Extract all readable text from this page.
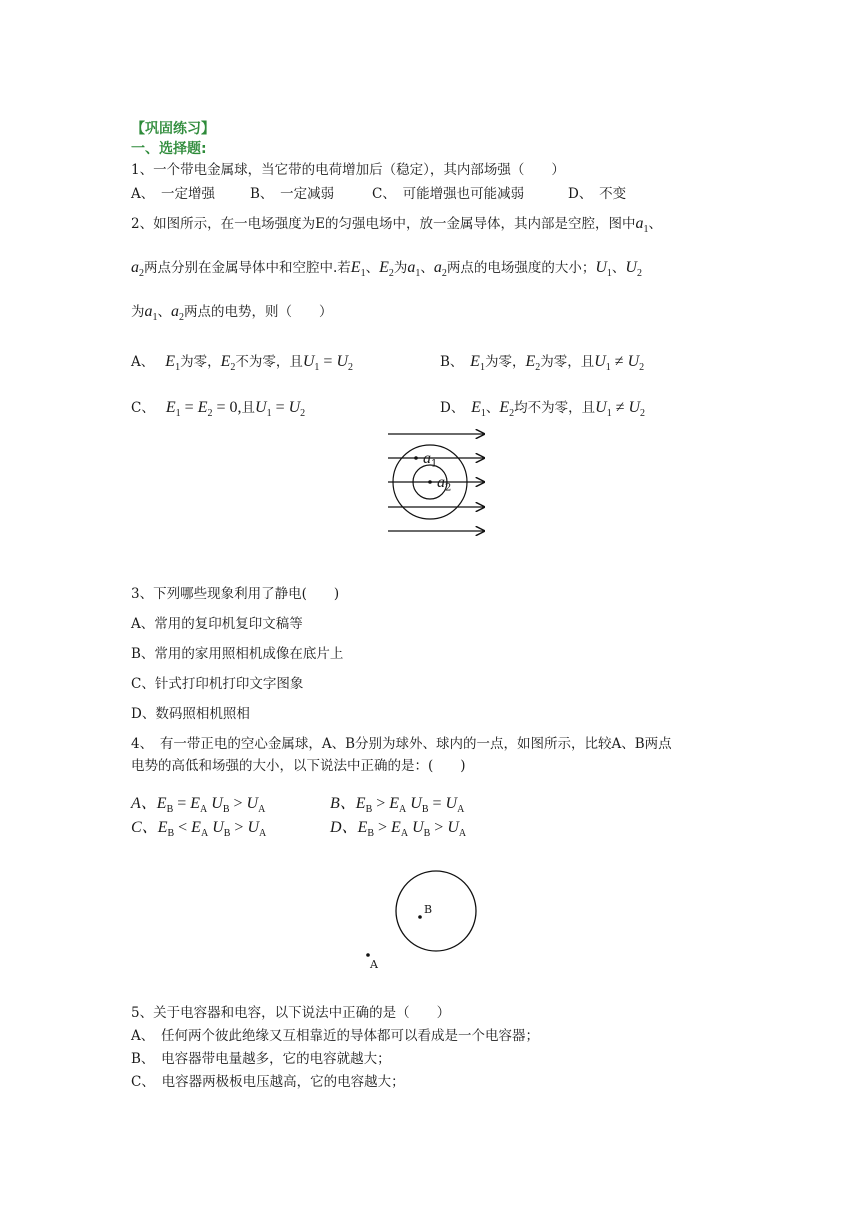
【巩固练习】
一、选择题:
1、一个带电金属球，当它带的电荷增加后（稳定），其内部场强（　　）
A、　一定增强	B、　一定减弱	C、　可能增强也可能减弱	D、　不变
2、如图所示，在一电场强度为E的匀强电场中，放一金属导体，其内部是空腔，图中$a_1$、
$a_2$两点分别在金属导体中和空腔中.若$E_1$、$E_2$为$a_1$、$a_2$两点的电场强度的大小；$U_1$、$U_2$
为$a_1$、$a_2$两点的电势，则（　　）
A、　 $E_1$为零，$E_2$不为零，且$U_1 = U_2$	B、　 $E_1$为零，$E_2$为零，且$U_1 \ne U_2$
C、　 $E_1 = E_2 = 0$,且$U_1 = U_2$	D、　 $E_1$、$E_2$均不为零，且$U_1 \ne U_2$
$a_1$
$a_2$
3、下列哪些现象利用了静电(　　)
A、常用的复印机复印文稿等
B、常用的家用照相机成像在底片上
C、针式打印机打印文字图象
D、数码照相机照相
4、　有一带正电的空心金属球，A、B分别为球外、球内的一点，如图所示，比较A、B两点
电势的高低和场强的大小，以下说法中正确的是：(　　)
A、$E_B = E_A$ $U_B > U_A$	B、$E_B > E_A$ $U_B = U_A$
C、$E_B < E_A$ $U_B > U_A$	D、$E_B > E_A$ $U_B > U_A$
B
A
5、关于电容器和电容，以下说法中正确的是（　　）
A、　任何两个彼此绝缘又互相靠近的导体都可以看成是一个电容器；
B、　电容器带电量越多，它的电容就越大；
C、　电容器两极板电压越高，它的电容越大；
